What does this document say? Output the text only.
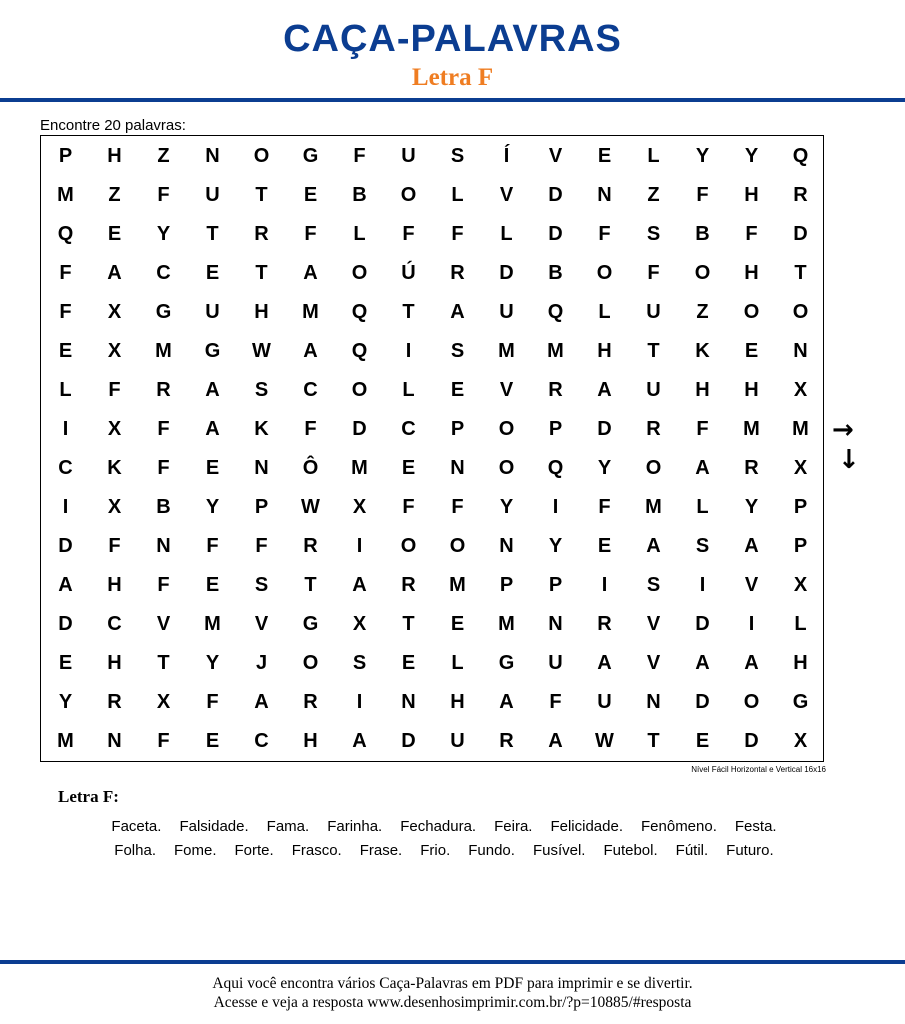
CAÇA-PALAVRAS
Letra F
Encontre 20 palavras:
P	H	Z	N	O	G	F	U	S	Í	V	E	L	Y	Y	Q
M	Z	F	U	T	E	B	O	L	V	D	N	Z	F	H	R
Q	E	Y	T	R	F	L	F	F	L	D	F	S	B	F	D
F	A	C	E	T	A	O	Ú	R	D	B	O	F	O	H	T
F	X	G	U	H	M	Q	T	A	U	Q	L	U	Z	O	O
E	X	M	G	W	A	Q	I	S	M	M	H	T	K	E	N
L	F	R	A	S	C	O	L	E	V	R	A	U	H	H	X
I	X	F	A	K	F	D	C	P	O	P	D	R	F	M	M
C	K	F	E	N	Ô	M	E	N	O	Q	Y	O	A	R	X
I	X	B	Y	P	W	X	F	F	Y	I	F	M	L	Y	P
D	F	N	F	F	R	I	O	O	N	Y	E	A	S	A	P
A	H	F	E	S	T	A	R	M	P	P	I	S	I	V	X
D	C	V	M	V	G	X	T	E	M	N	R	V	D	I	L
E	H	T	Y	J	O	S	E	L	G	U	A	V	A	A	H
Y	R	X	F	A	R	I	N	H	A	F	U	N	D	O	G
M	N	F	E	C	H	A	D	U	R	A	W	T	E	D	X
Nível Fácil Horizontal e Vertical 16x16
→
↓
Letra F:
Faceta. Falsidade. Fama. Farinha. Fechadura. Feira. Felicidade. Fenômeno. Festa.
Folha. Fome. Forte. Frasco. Frase. Frio. Fundo. Fusível. Futebol. Fútil. Futuro.
Aqui você encontra vários Caça-Palavras em PDF para imprimir e se divertir.
Acesse e veja a resposta www.desenhosimprimir.com.br/?p=10885/#resposta
